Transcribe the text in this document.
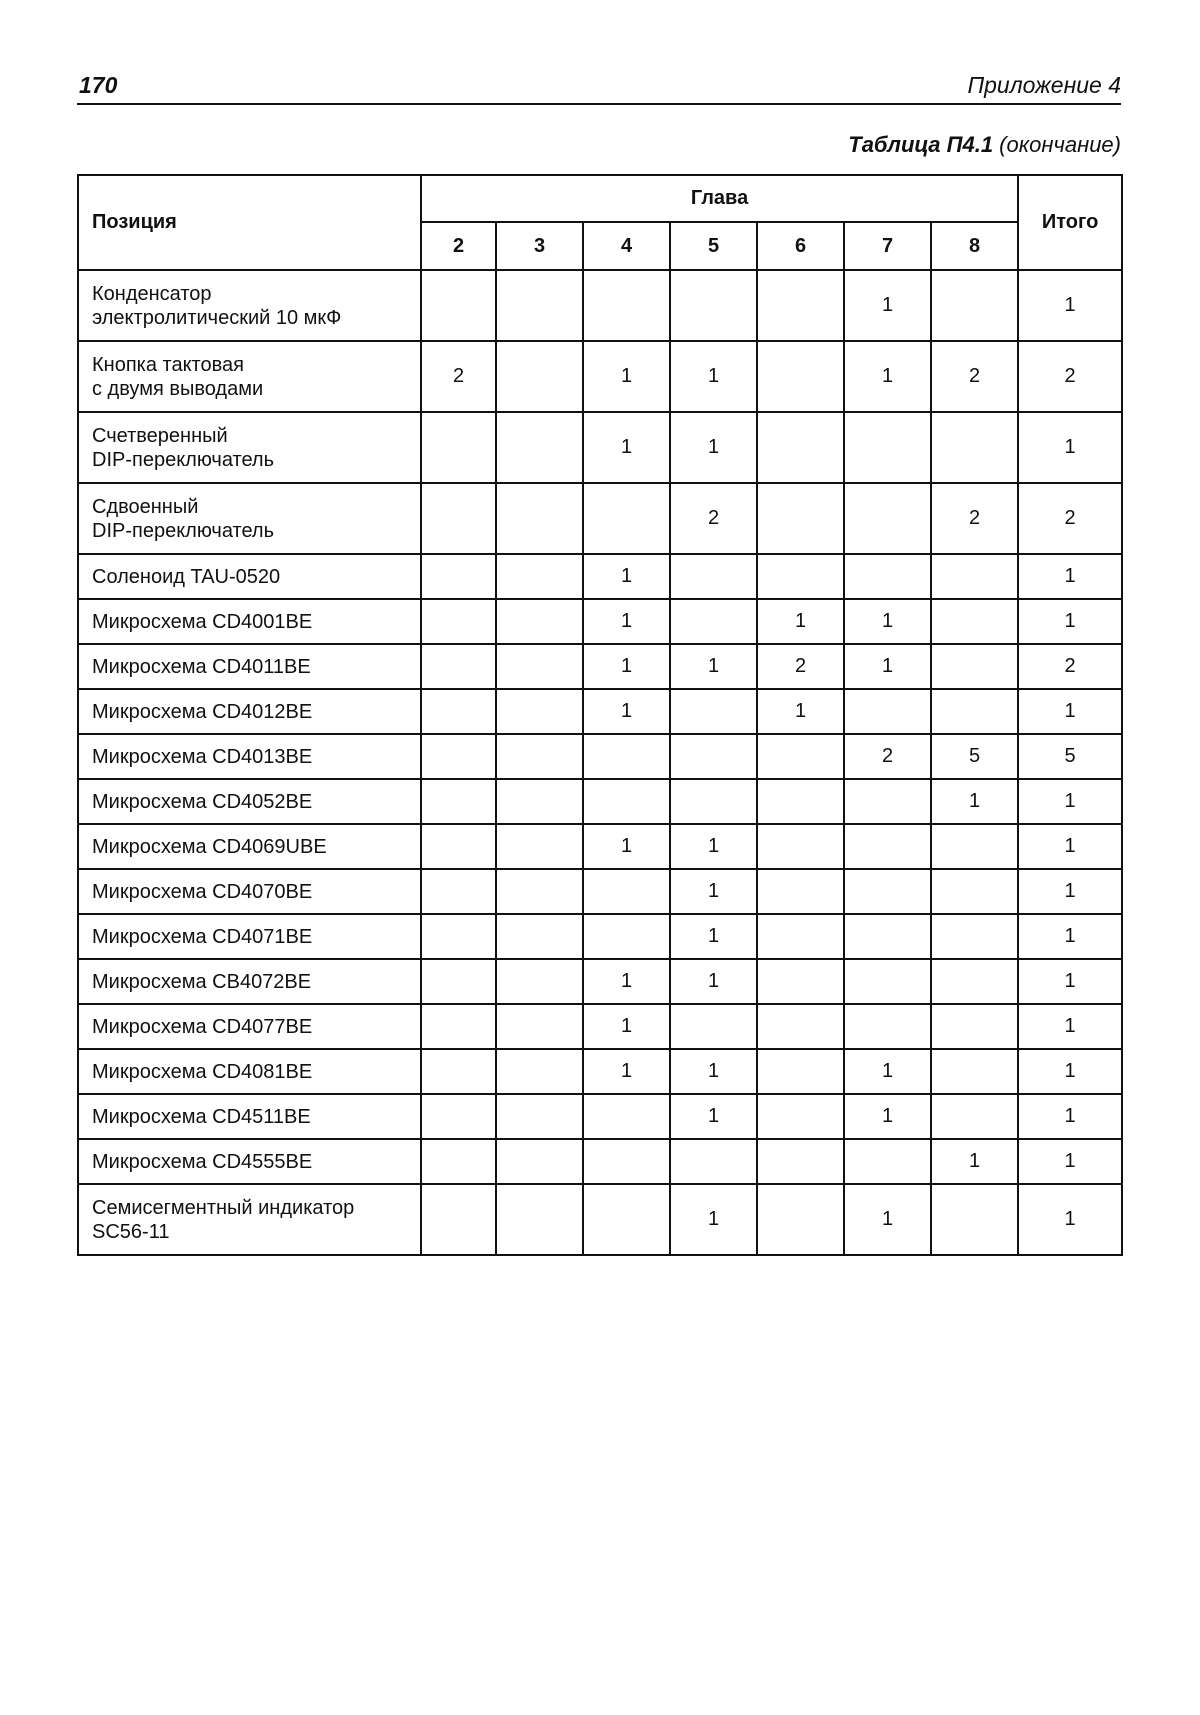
170	Приложение 4
Таблица П4.1 (окончание)
Позиция	Глава							Итого
	2	3	4	5	6	7	8	
Конденсатор
электролитический 10 мкФ						1		1
Кнопка тактовая
с двумя выводами	2		1	1		1	2	2
Счетверенный
DIP-переключатель			1	1				1
Сдвоенный
DIP-переключатель				2			2	2
Соленоид TAU-0520			1					1
Микросхема CD4001BE			1		1	1		1
Микросхема CD4011BE			1	1	2	1		2
Микросхема CD4012BE			1		1			1
Микросхема CD4013BE						2	5	5
Микросхема CD4052BE							1	1
Микросхема CD4069UBE			1	1				1
Микросхема CD4070BE				1				1
Микросхема CD4071BE				1				1
Микросхема CB4072BE			1	1				1
Микросхема CD4077BE			1					1
Микросхема CD4081BE			1	1		1		1
Микросхема CD4511BE				1		1		1
Микросхема CD4555BE							1	1
Семисегментный индикатор
SC56-11				1		1		1
